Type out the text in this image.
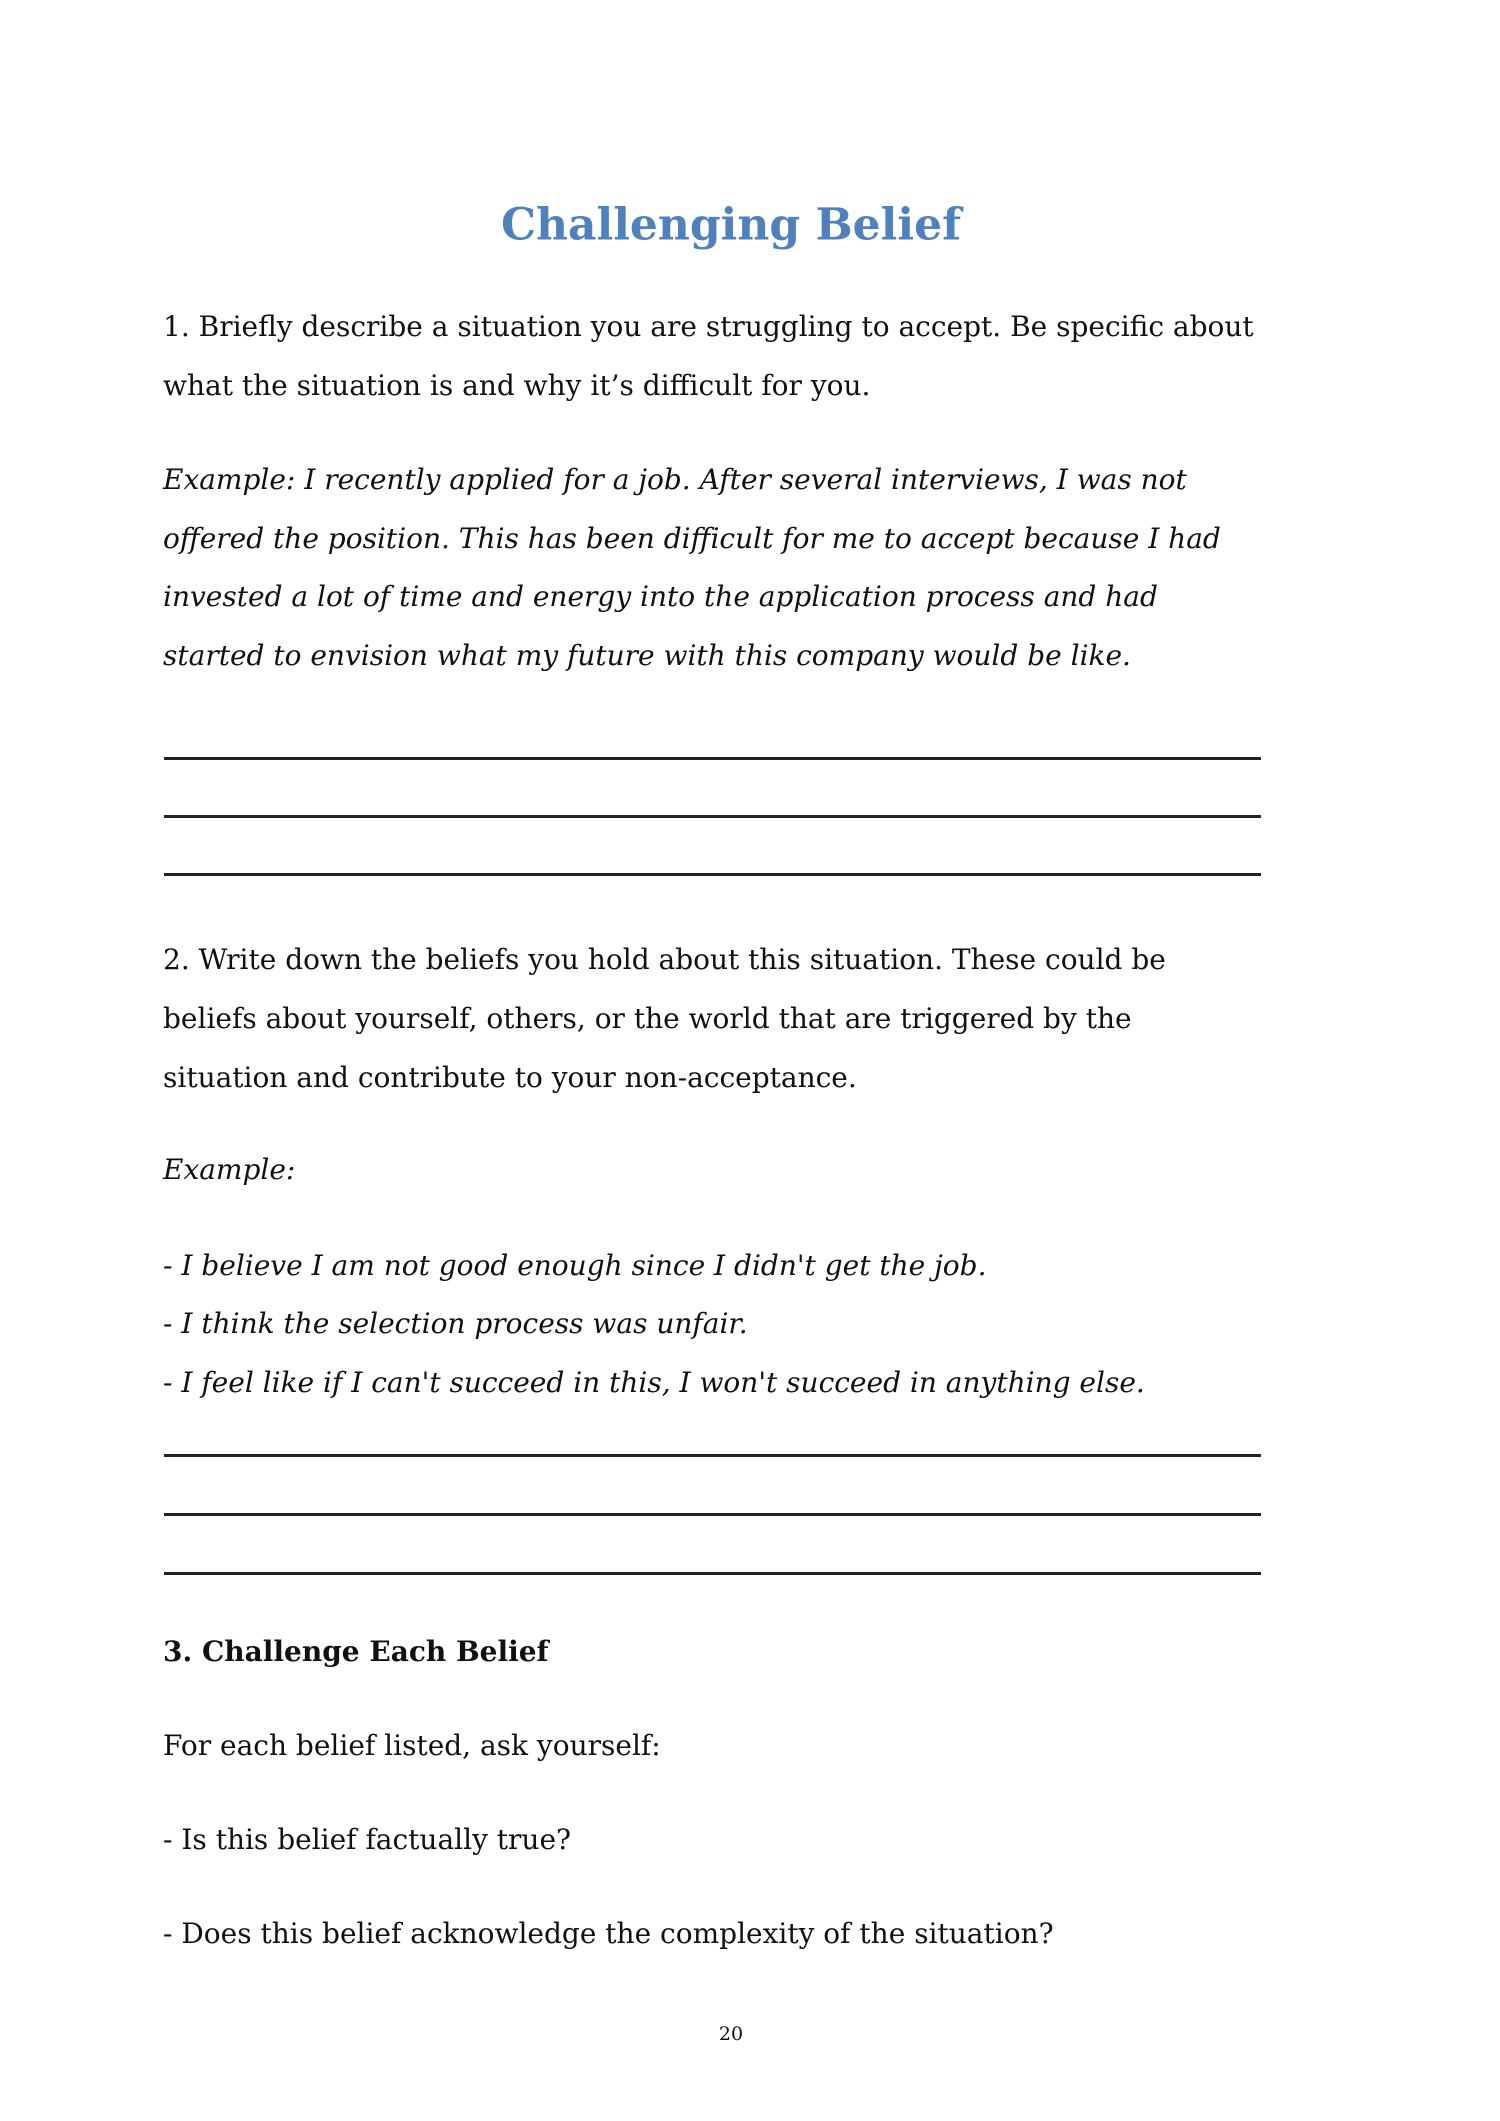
Challenging Belief
1. Briefly describe a situation you are struggling to accept. Be specific about
what the situation is and why it’s difficult for you.
Example: I recently applied for a job. After several interviews, I was not
offered the position. This has been difficult for me to accept because I had
invested a lot of time and energy into the application process and had
started to envision what my future with this company would be like.
2. Write down the beliefs you hold about this situation. These could be
beliefs about yourself, others, or the world that are triggered by the
situation and contribute to your non-acceptance.
Example:
- I believe I am not good enough since I didn't get the job.
- I think the selection process was unfair.
- I feel like if I can't succeed in this, I won't succeed in anything else.
3. Challenge Each Belief
For each belief listed, ask yourself:
- Is this belief factually true?
- Does this belief acknowledge the complexity of the situation?
20
